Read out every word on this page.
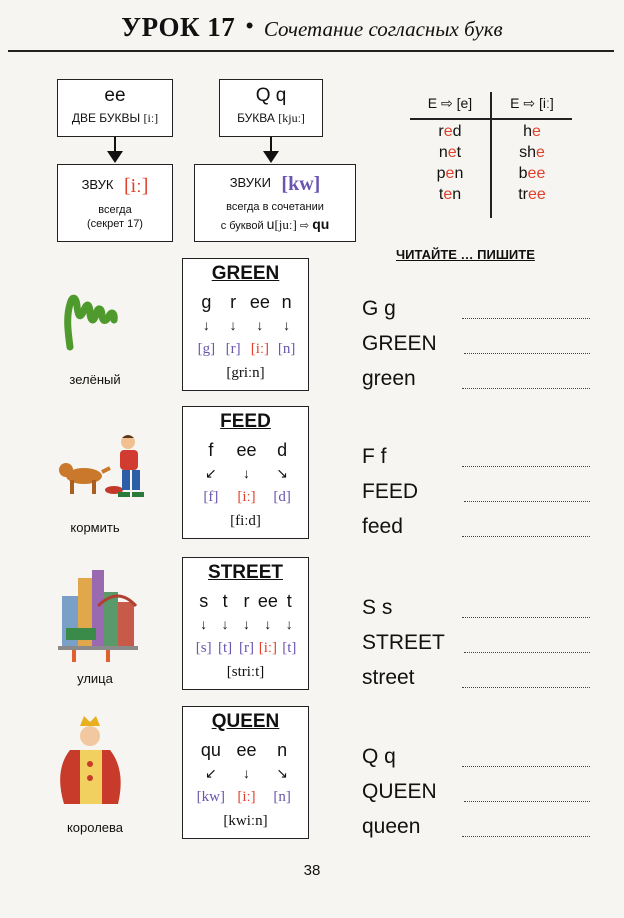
УРОК 17 • Сочетание согласных букв
ee
ДВЕ БУКВЫ [iː]
Q q
БУКВА [kjuː]
ЗВУК [iː]
всегда
(секрет 17)
ЗВУКИ [kw]
всегда в сочетании
с буквой u[juː] ⇨ qu
E ⇨ [e]	E ⇨ [iː]
red
net
pen
ten
he
she
bee
tree
ЧИТАЙТЕ … ПИШИТЕ
GREEN
g
↓
[g]
r
↓
[r]
ee
↓
[iː]
n
↓
[n]
[griːn]
зелёный
G g
GREEN
green
FEED
f
↙
[f]
ee
↓
[iː]
d
↘
[d]
[fiːd]
кормить
F f
FEED
feed
STREET
s
↓
[s]
t
↓
[t]
r
↓
[r]
ee
↓
[iː]
t
↓
[t]
[striːt]
улица
S s
STREET
street
QUEEN
qu
↙
[kw]
ee
↓
[iː]
n
↘
[n]
[kwiːn]
королева
Q q
QUEEN
queen
38
